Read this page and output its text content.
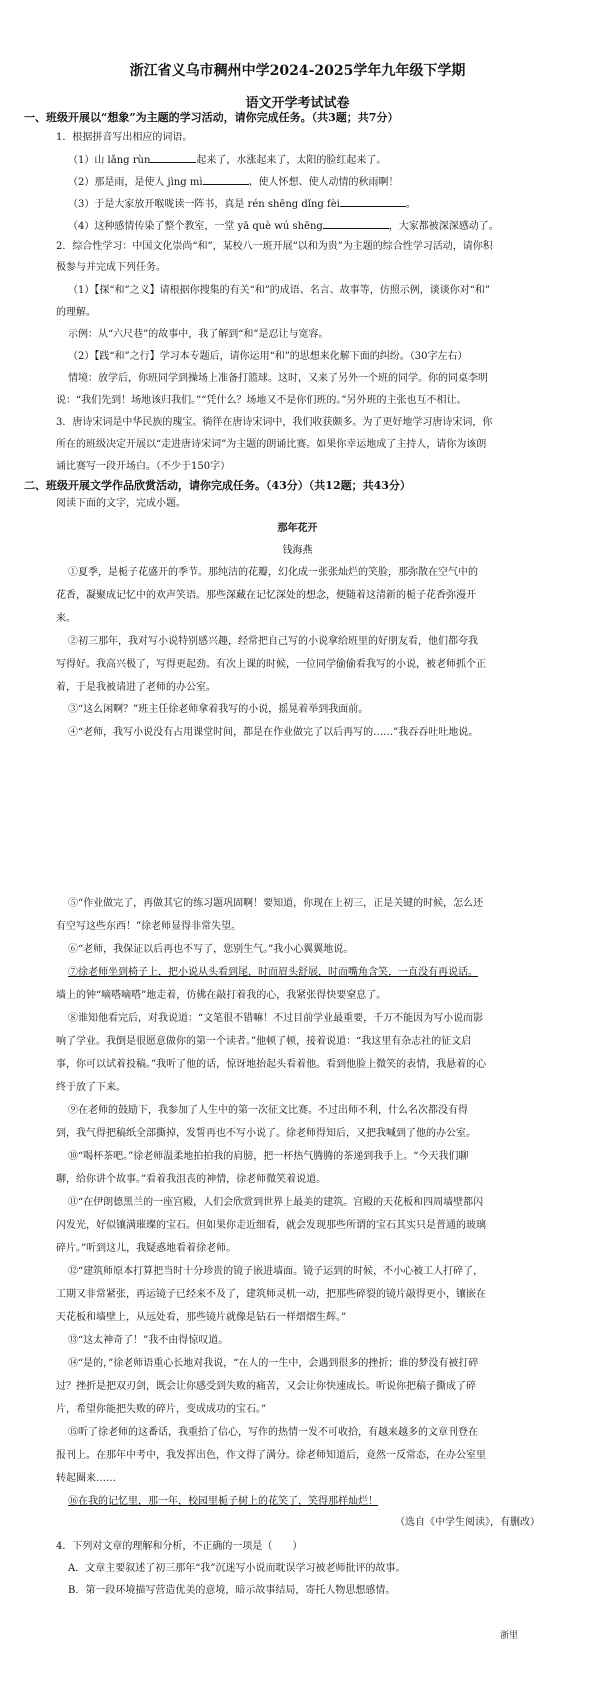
浙江省义乌市稠州中学2024-2025学年九年级下学期
语文开学考试试卷
一、班级开展以“想象”为主题的学习活动，请你完成任务。（共3题；共7分）
1．根据拼音写出相应的词语。
（1）山 lǎng rùn	起来了，水涨起来了，太阳的脸红起来了。
（2）那是雨，是使人 jìng mì	、使人怀想、使人动情的秋雨啊！
（3）于是大家放开喉咙读一阵书，真是 rén shēng dǐng fèi	。
（4）这种感情传染了整个教室，一堂 yā què wú shēng	，大家都被深深感动了。
2．综合性学习：中国文化崇尚“和”，某校八一班开展“以和为贵”为主题的综合性学习活动，请你积
极参与并完成下列任务。
（1）【探“和”之义】请根据你搜集的有关“和”的成语、名言、故事等，仿照示例，谈谈你对“和”
的理解。
示例：从“六尺巷”的故事中，我了解到“和”是忍让与宽容。
（2）【践“和”之行】学习本专题后，请你运用“和”的思想来化解下面的纠纷。（30字左右）
情境：放学后，你班同学到操场上准备打篮球。这时，又来了另外一个班的同学。你的同桌李明
说：“我们先到！场地该归我们。”“凭什么？场地又不是你们班的。”另外班的主张也互不相让。
3．唐诗宋词是中华民族的瑰宝。徜徉在唐诗宋词中，我们收获颇多。为了更好地学习唐诗宋词，你
所在的班级决定开展以“走进唐诗宋词”为主题的朗诵比赛。如果你幸运地成了主持人，请你为该朗
诵比赛写一段开场白。（不少于150字）
二、班级开展文学作品欣赏活动，请你完成任务。（43分）（共12题；共43分）
阅读下面的文字，完成小题。
那年花开
钱海燕
①夏季，是栀子花盛开的季节。那纯洁的花瓣，幻化成一张张灿烂的笑脸，那弥散在空气中的
花香，凝聚成记忆中的欢声笑语。那些深藏在记忆深处的想念，便随着这清新的栀子花香弥漫开
来。
②初三那年，我对写小说特别感兴趣，经常把自己写的小说拿给班里的好朋友看，他们都夸我
写得好。我高兴极了，写得更起劲。有次上课的时候，一位同学偷偷看我写的小说，被老师抓个正
着，于是我被请进了老师的办公室。
③“这么闲啊？”班主任徐老师拿着我写的小说，摇晃着举到我面前。
④“老师，我写小说没有占用课堂时间，都是在作业做完了以后再写的……”我吞吞吐吐地说。
⑤“作业做完了，再做其它的练习题巩固啊！要知道，你现在上初三，正是关键的时候，怎么还
有空写这些东西！”徐老师显得非常失望。
⑥“老师，我保证以后再也不写了，您别生气。”我小心翼翼地说。
⑦徐老师坐到椅子上，把小说从头看到尾，时而眉头舒展，时而嘴角含笑，一直没有再说话。
墙上的钟“嘀嗒嘀嗒”地走着，仿佛在敲打着我的心，我紧张得快要窒息了。
⑧谁知他看完后，对我说道：“文笔很不错嘛！不过目前学业最重要，千万不能因为写小说而影
响了学业。我倒是很愿意做你的第一个读者。”他顿了顿，接着说道：“我这里有杂志社的征文启
事，你可以试着投稿。”我听了他的话，惊讶地抬起头看着他。看到他脸上微笑的表情，我悬着的心
终于放了下来。
⑨在老师的鼓励下，我参加了人生中的第一次征文比赛。不过出师不利，什么名次都没有得
到，我气得把稿纸全部撕掉，发誓再也不写小说了。徐老师得知后，又把我喊到了他的办公室。
⑩“喝杯茶吧。”徐老师温柔地拍拍我的肩膀，把一杯热气腾腾的茶递到我手上。“今天我们聊
聊，给你讲个故事。”看着我沮丧的神情，徐老师微笑着说道。
⑪“在伊朗德黑兰的一座宫殿，人们会欣赏到世界上最美的建筑。宫殿的天花板和四周墙壁都闪
闪发光，好似镶满璀璨的宝石。但如果你走近细看，就会发现那些所谓的宝石其实只是普通的玻璃
碎片。”听到这儿，我疑惑地看着徐老师。
⑫“建筑师原本打算把当时十分珍贵的镜子嵌进墙面。镜子运到的时候，不小心被工人打碎了，
工期又非常紧张，再运镜子已经来不及了，建筑师灵机一动，把那些碎裂的镜片敲得更小，镶嵌在
天花板和墙壁上，从远处看，那些镜片就像是钻石一样熠熠生辉。”
⑬“这太神奇了！”我不由得惊叹道。
⑭“是的，”徐老师语重心长地对我说，“在人的一生中，会遇到很多的挫折；谁的梦没有被打碎
过？挫折是把双刃剑，既会让你感受到失败的痛苦，又会让你快速成长。听说你把稿子撕成了碎
片，希望你能把失败的碎片，变成成功的宝石。”
⑮听了徐老师的这番话，我重拾了信心，写作的热情一发不可收拾，有越来越多的文章刊登在
报刊上。在那年中考中，我发挥出色，作文得了满分。徐老师知道后，竟然一反常态，在办公室里
转起圈来……
⑯在我的记忆里，那一年，校园里栀子树上的花笑了，笑得那样灿烂！
（选自《中学生阅读》，有删改）
4．下列对文章的理解和分析，不正确的一项是（　　）
A．文章主要叙述了初三那年“我”沉迷写小说而耽误学习被老师批评的故事。
B．第一段环境描写营造优美的意境，暗示故事结局，寄托人物思想感情。
浙里
